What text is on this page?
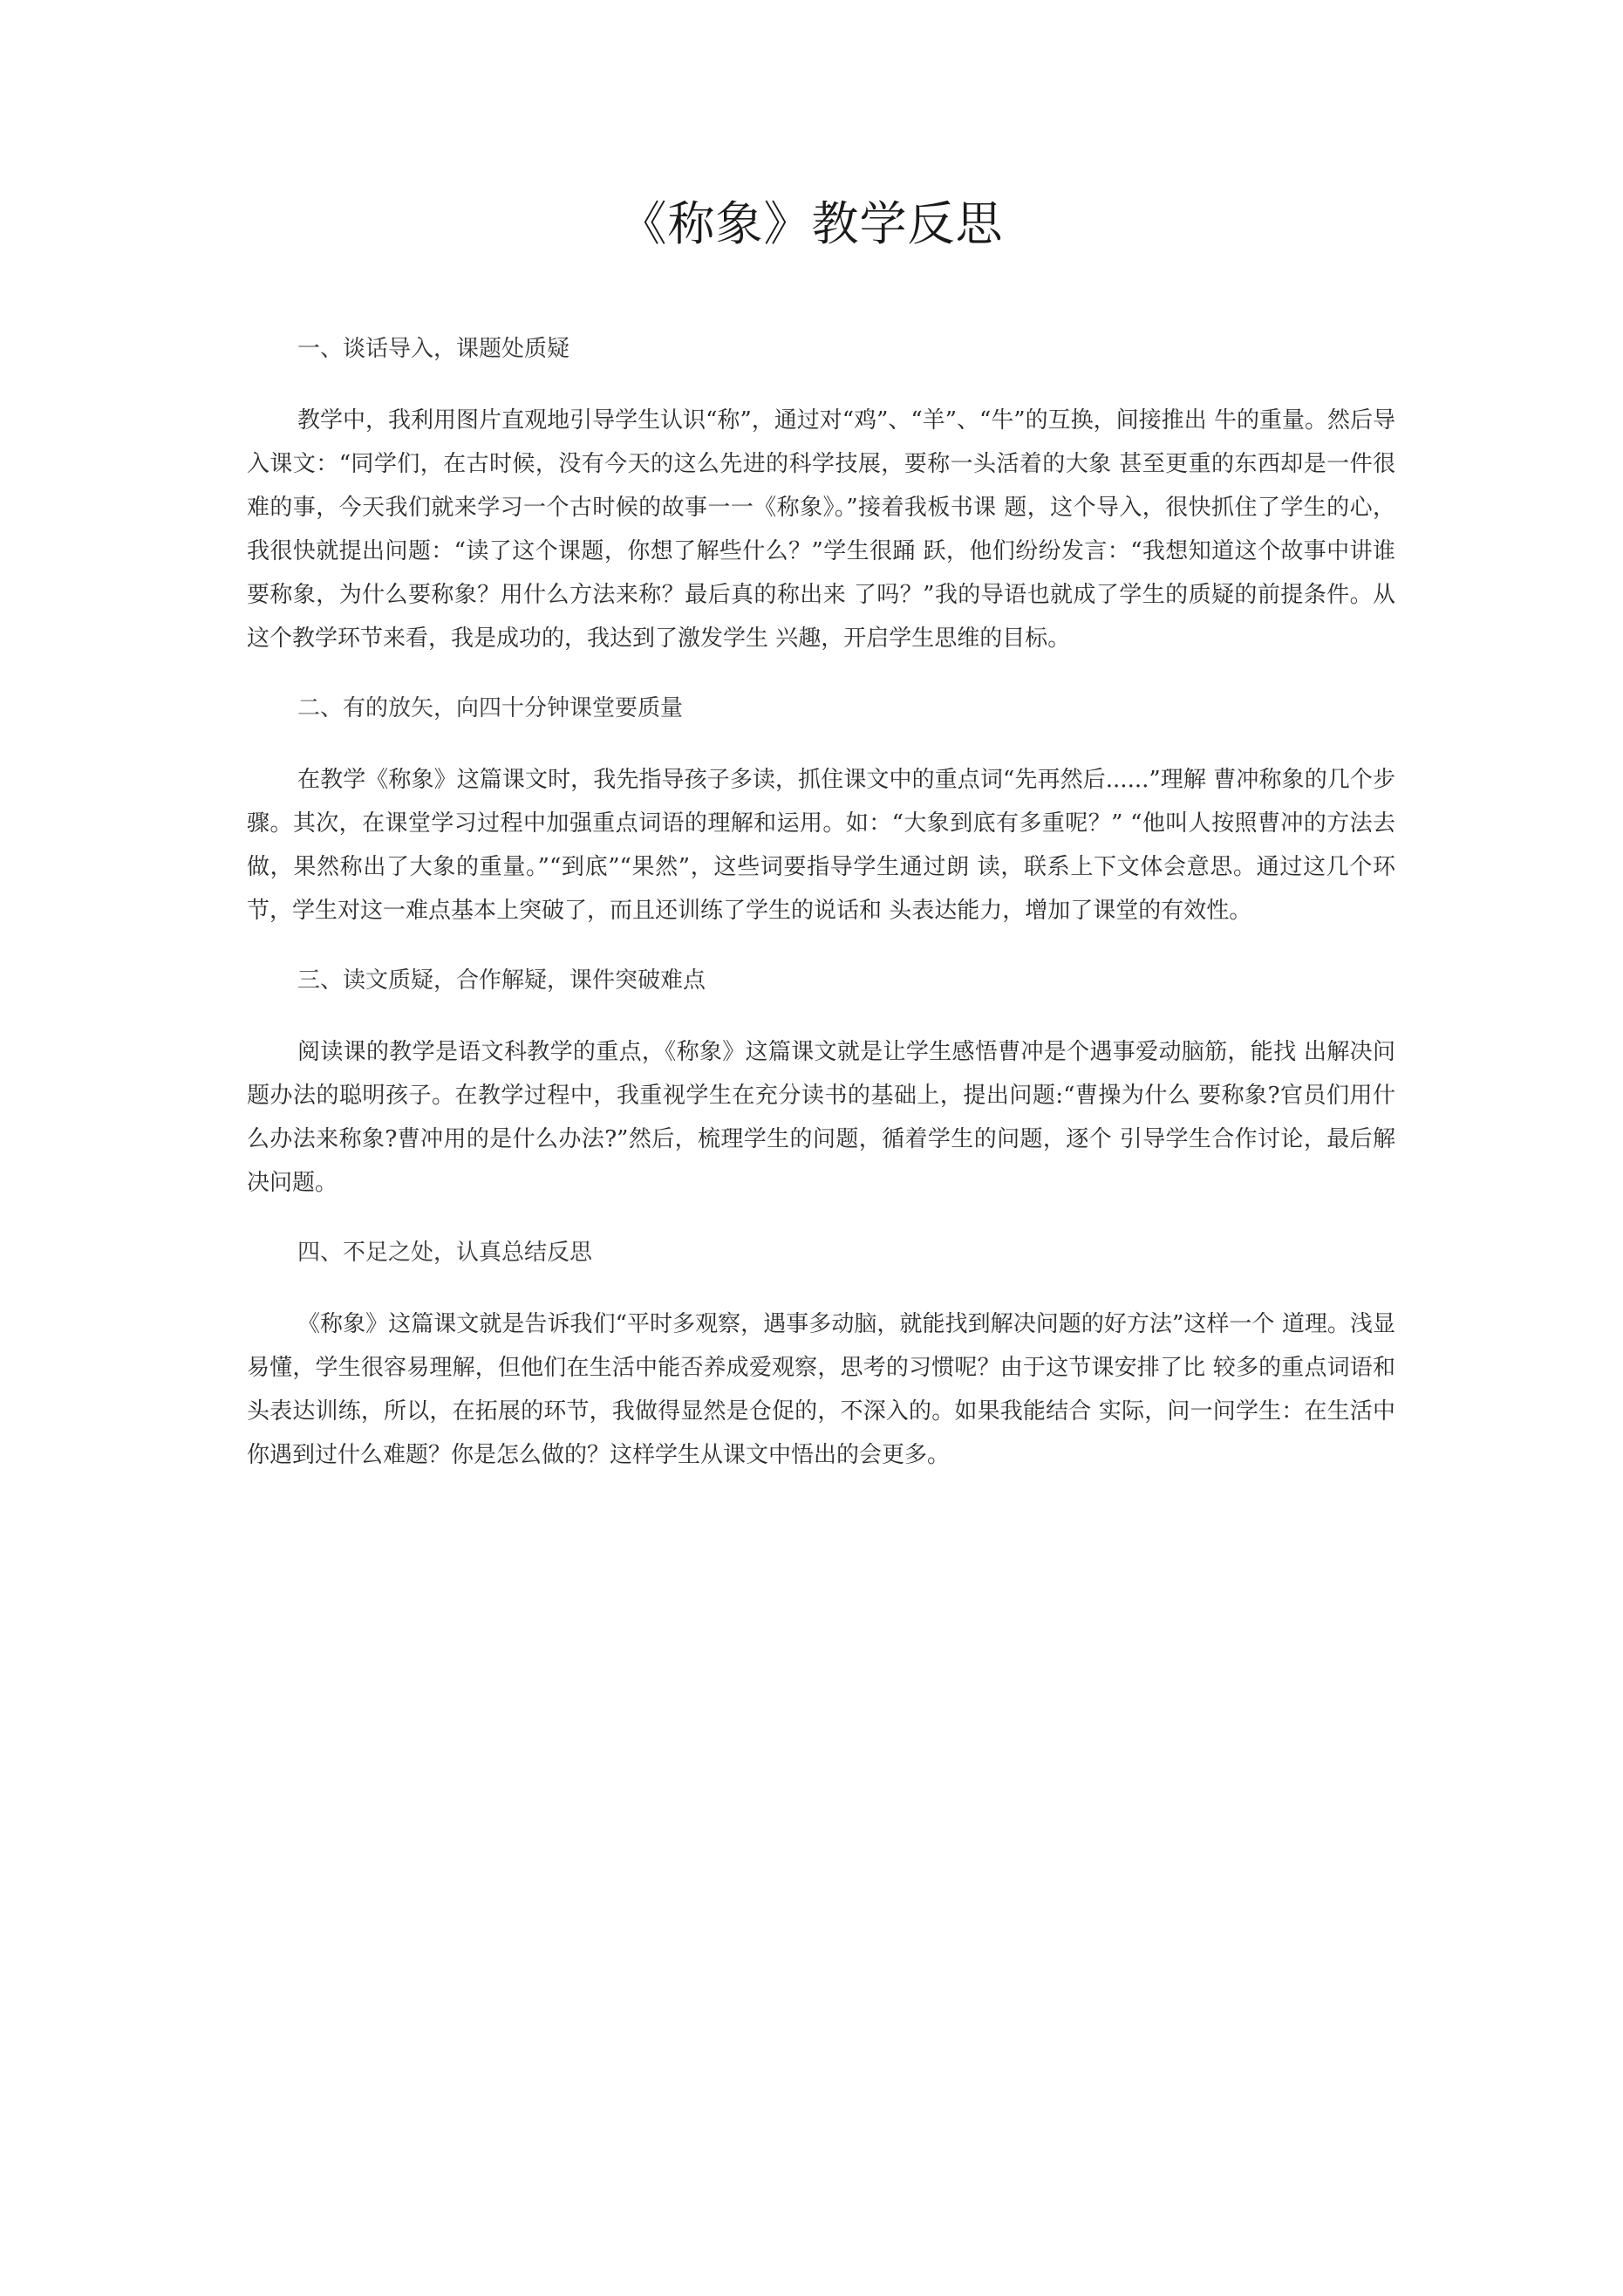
《称象》教学反思

一、谈话导入，课题处质疑

教学中，我利用图片直观地引导学生认识“称”，通过对“鸡”、“羊”、“牛”的互换，间接推出 牛的重量。然后导入课文：“同学们，在古时候，没有今天的这么先进的科学技展，要称一头活着的大象 甚至更重的东西却是一件很难的事，今天我们就来学习一个古时候的故事一一《称象》。”接着我板书课 题，这个导入，很快抓住了学生的心，我很快就提出问题：“读了这个课题，你想了解些什么？”学生很踊 跃，他们纷纷发言：“我想知道这个故事中讲谁要称象，为什么要称象？用什么方法来称？最后真的称出来 了吗？”我的导语也就成了学生的质疑的前提条件。从这个教学环节来看，我是成功的，我达到了激发学生 兴趣，开启学生思维的目标。

二、有的放矢，向四十分钟课堂要质量

在教学《称象》这篇课文时，我先指导孩子多读，抓住课文中的重点词“先再然后......”理解 曹冲称象的几个步骤。其次，在课堂学习过程中加强重点词语的理解和运用。如：“大象到底有多重呢？” “他叫人按照曹冲的方法去做，果然称出了大象的重量。”“到底”“果然”，这些词要指导学生通过朗 读，联系上下文体会意思。通过这几个环节，学生对这一难点基本上突破了，而且还训练了学生的说话和 头表达能力，增加了课堂的有效性。

三、读文质疑，合作解疑，课件突破难点

阅读课的教学是语文科教学的重点，《称象》这篇课文就是让学生感悟曹冲是个遇事爱动脑筋，能找 出解决问题办法的聪明孩子。在教学过程中，我重视学生在充分读书的基础上，提出问题:“曹操为什么 要称象?官员们用什么办法来称象?曹冲用的是什么办法?”然后，梳理学生的问题，循着学生的问题，逐个 引导学生合作讨论，最后解决问题。

四、不足之处，认真总结反思

《称象》这篇课文就是告诉我们“平时多观察，遇事多动脑，就能找到解决问题的好方法”这样一个 道理。浅显易懂，学生很容易理解，但他们在生活中能否养成爱观察，思考的习惯呢？由于这节课安排了比 较多的重点词语和头表达训练，所以，在拓展的环节，我做得显然是仓促的，不深入的。如果我能结合 实际，问一问学生：在生活中你遇到过什么难题？你是怎么做的？这样学生从课文中悟出的会更多。
